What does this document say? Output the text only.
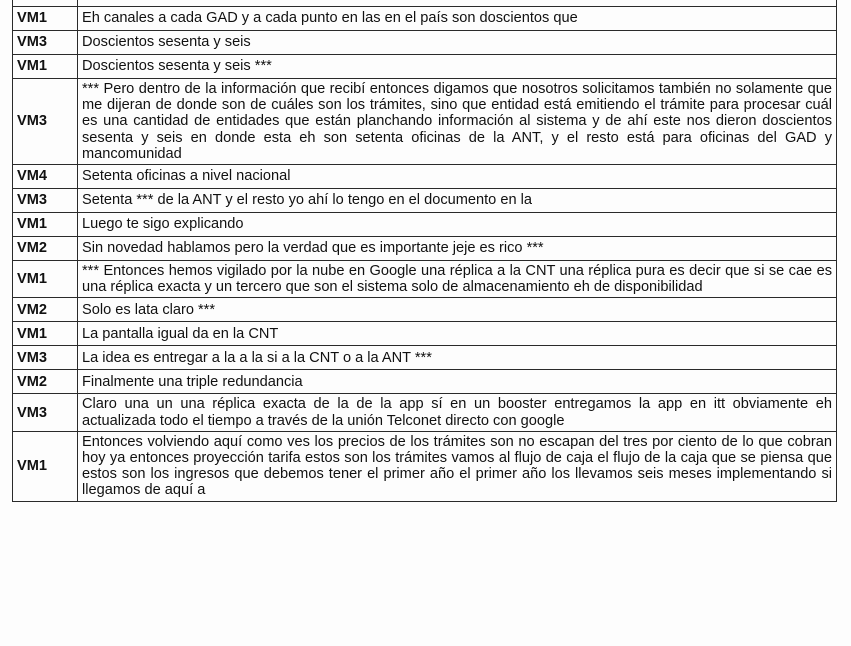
VM1	Eh canales a cada GAD y a cada punto en las en el país son doscientos que
VM3	Doscientos sesenta y seis
VM1	Doscientos sesenta y seis ***
VM3	*** Pero dentro de la información que recibí entonces digamos que nosotros solicitamos también no solamente que me dijeran de donde son de cuáles son los trámites, sino que entidad está emitiendo el trámite para procesar cuál es una cantidad de entidades que están planchando información al sistema y de ahí este nos dieron doscientos sesenta y seis en donde esta eh son setenta oficinas de la ANT, y el resto está para oficinas del GAD y mancomunidad
VM4	Setenta oficinas a nivel nacional
VM3	Setenta *** de la ANT y el resto yo ahí lo tengo en el documento en la
VM1	Luego te sigo explicando
VM2	Sin novedad hablamos pero la verdad que es importante jeje es rico ***
VM1	*** Entonces hemos vigilado por la nube en Google una réplica a la CNT una réplica pura es decir que si se cae es una réplica exacta y un tercero que son el sistema solo de almacenamiento eh de disponibilidad
VM2	Solo es lata claro ***
VM1	La pantalla igual da en la CNT
VM3	La idea es entregar a la a la si a la CNT o a la ANT ***
VM2	Finalmente una triple redundancia
VM3	Claro una un una réplica exacta de la de la app sí en un booster entregamos la app en itt obviamente eh actualizada todo el tiempo a través de la unión Telconet directo con google
VM1	Entonces volviendo aquí como ves los precios de los trámites son no escapan del tres por ciento de lo que cobran hoy ya entonces proyección tarifa estos son los trámites vamos al flujo de caja el flujo de la caja que se piensa que estos son los ingresos que debemos tener el primer año el primer año los llevamos seis meses implementando si llegamos de aquí a
